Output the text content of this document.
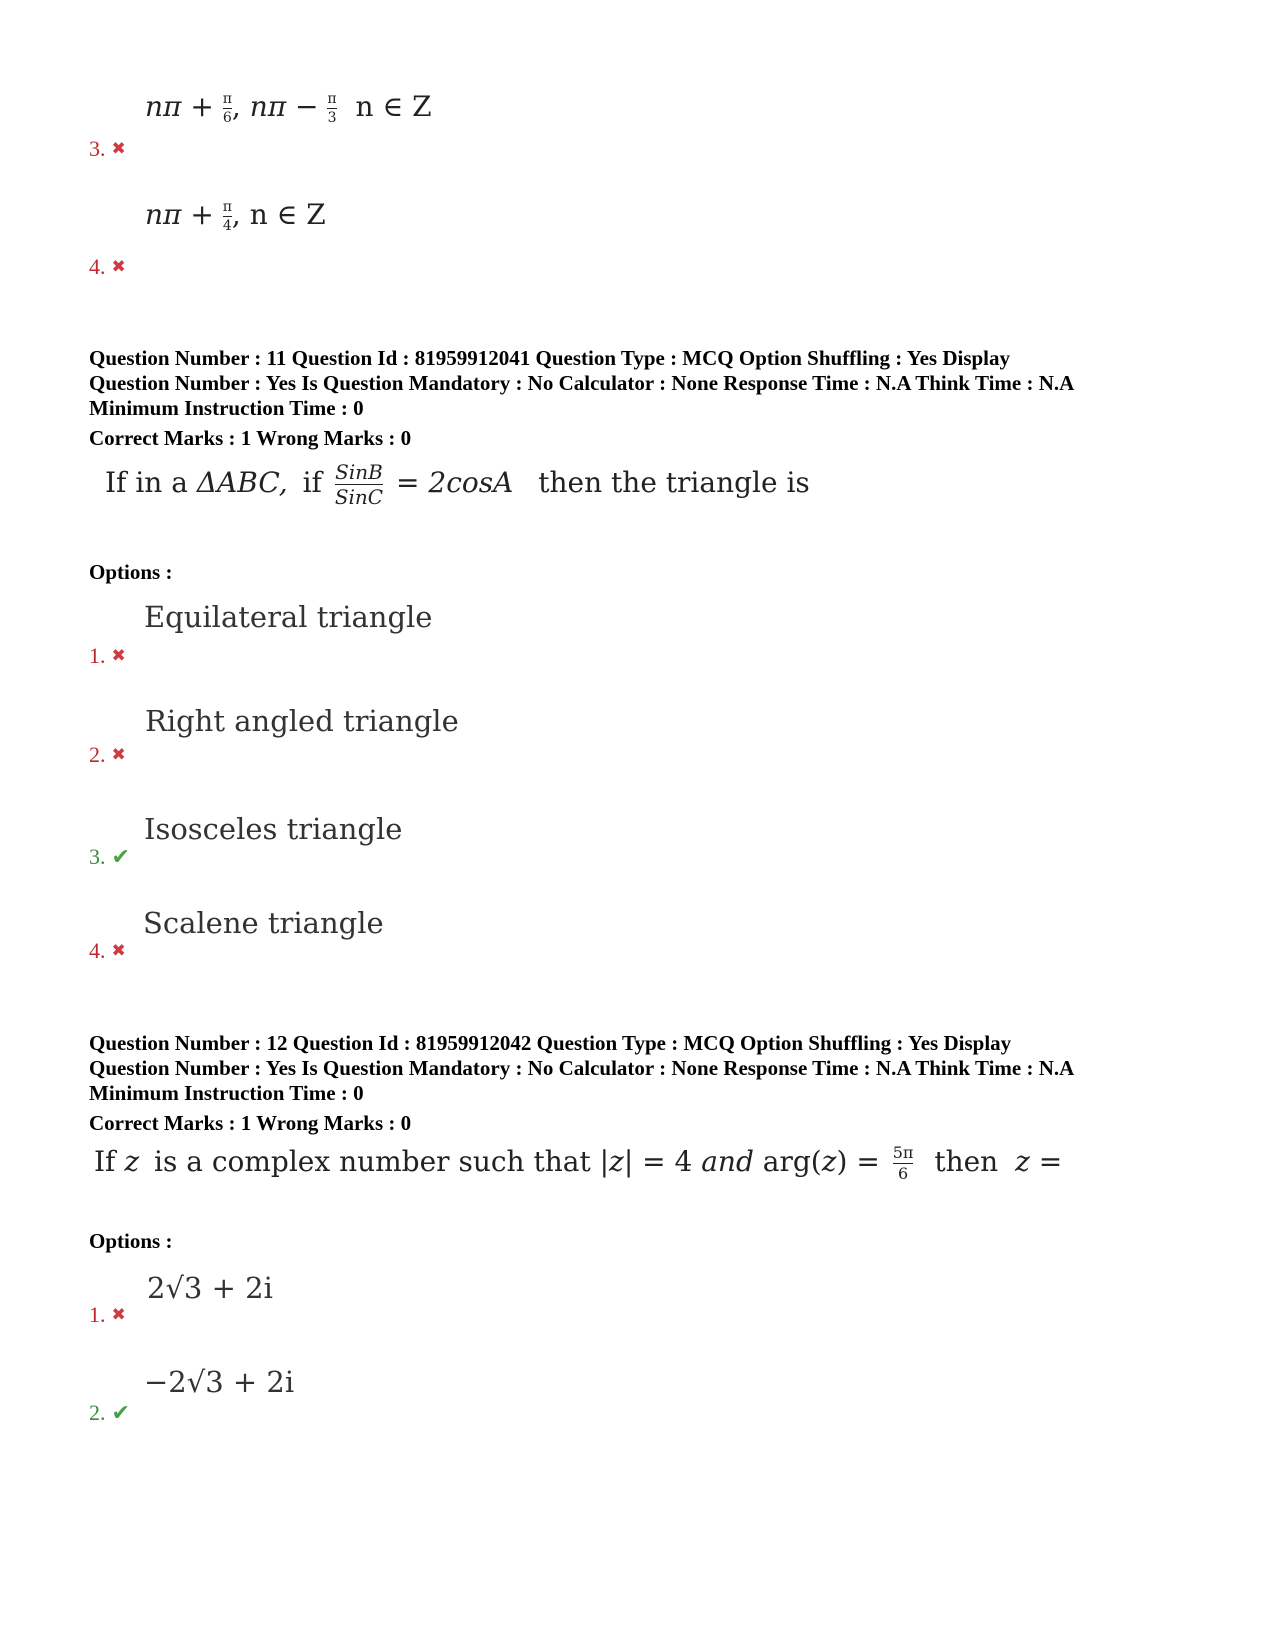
$n\pi + \frac{\pi}{6}$ , $n\pi - \frac{\pi}{3}$ n ∈ Z
3. ✖
$n\pi + \frac{\pi}{4}$ , n ∈ Z
4. ✖
Question Number : 11 Question Id : 81959912041 Question Type : MCQ Option Shuffling : Yes Display
Question Number : Yes Is Question Mandatory : No Calculator : None Response Time : N.A Think Time : N.A
Minimum Instruction Time : 0
Correct Marks : 1 Wrong Marks : 0
If in a ΔABC, if $\frac{\text{SinB}}{\text{SinC}} = 2\cos A$ then the triangle is
Options :
Equilateral triangle
1. ✖
Right angled triangle
2. ✖
Isosceles triangle
3. ✔
Scalene triangle
4. ✖
Question Number : 12 Question Id : 81959912042 Question Type : MCQ Option Shuffling : Yes Display
Question Number : Yes Is Question Mandatory : No Calculator : None Response Time : N.A Think Time : N.A
Minimum Instruction Time : 0
Correct Marks : 1 Wrong Marks : 0
If z is a complex number such that |z| = 4 and $arg(z) = \frac{5\pi}{6}$ then z =
Options :
2√3 + 2i
1. ✖
−2√3 + 2i
2. ✔
